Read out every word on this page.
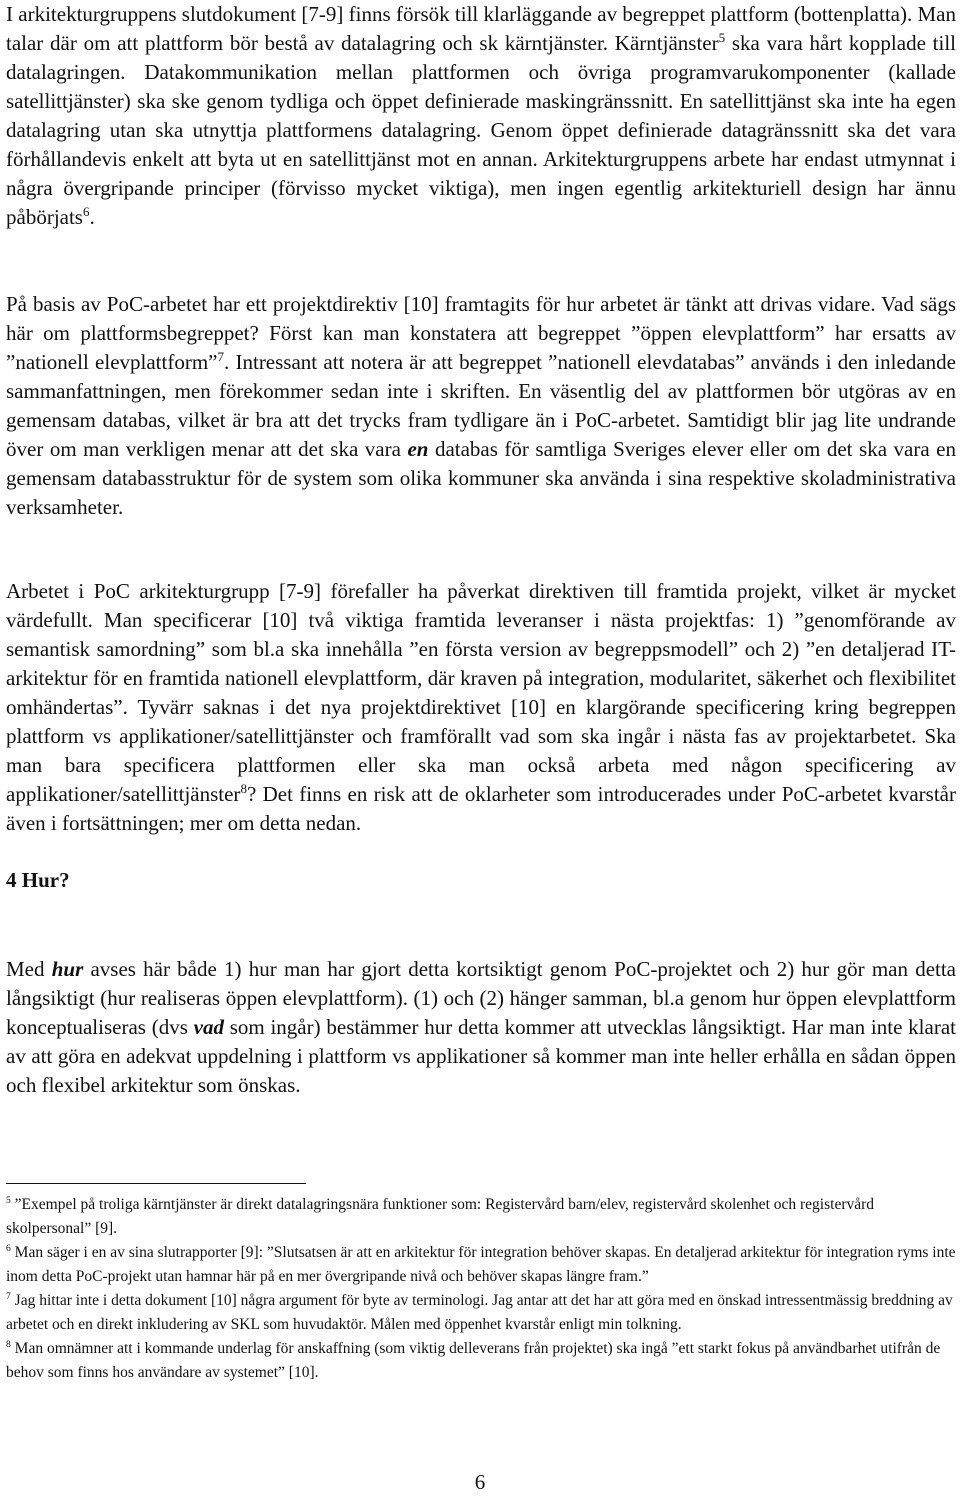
I arkitekturgruppens slutdokument [7-9] finns försök till klarläggande av begreppet plattform (bottenplatta). Man talar där om att plattform bör bestå av datalagring och sk kärntjänster. Kärntjänster$^5$ ska vara hårt kopplade till datalagringen. Datakommunikation mellan plattformen och övriga programvarukomponenter (kallade satellittjänster) ska ske genom tydliga och öppet definierade maskingränssnitt. En satellittjänst ska inte ha egen datalagring utan ska utnyttja plattformens datalagring. Genom öppet definierade datagränssnitt ska det vara förhållandevis enkelt att byta ut en satellittjänst mot en annan. Arkitekturgruppens arbete har endast utmynnat i några övergripande principer (förvisso mycket viktiga), men ingen egentlig arkitekturiell design har ännu påbörjats$^6$.

På basis av PoC-arbetet har ett projektdirektiv [10] framtagits för hur arbetet är tänkt att drivas vidare. Vad sägs här om plattformsbegreppet? Först kan man konstatera att begreppet ”öppen elevplattform” har ersatts av ”nationell elevplattform”$^7$. Intressant att notera är att begreppet ”nationell elevdatabas” används i den inledande sammanfattningen, men förekommer sedan inte i skriften. En väsentlig del av plattformen bör utgöras av en gemensam databas, vilket är bra att det trycks fram tydligare än i PoC-arbetet. Samtidigt blir jag lite undrande över om man verkligen menar att det ska vara en databas för samtliga Sveriges elever eller om det ska vara en gemensam databasstruktur för de system som olika kommuner ska använda i sina respektive skoladministrativa verksamheter.

Arbetet i PoC arkitekturgrupp [7-9] förefaller ha påverkat direktiven till framtida projekt, vilket är mycket värdefullt. Man specificerar [10] två viktiga framtida leveranser i nästa projektfas: 1) ”genomförande av semantisk samordning” som bl.a ska innehålla ”en första version av begreppsmodell” och 2) ”en detaljerad IT-arkitektur för en framtida nationell elevplattform, där kraven på integration, modularitet, säkerhet och flexibilitet omhändertas”. Tyvärr saknas i det nya projektdirektivet [10] en klargörande specificering kring begreppen plattform vs applikationer/satellittjänster och framförallt vad som ska ingår i nästa fas av projektarbetet. Ska man bara specificera plattformen eller ska man också arbeta med någon specificering av applikationer/satellittjänster$^8$? Det finns en risk att de oklarheter som introducerades under PoC-arbetet kvarstår även i fortsättningen; mer om detta nedan.

4 Hur?

Med hur avses här både 1) hur man har gjort detta kortsiktigt genom PoC-projektet och 2) hur gör man detta långsiktigt (hur realiseras öppen elevplattform). (1) och (2) hänger samman, bl.a genom hur öppen elevplattform konceptualiseras (dvs vad som ingår) bestämmer hur detta kommer att utvecklas långsiktigt. Har man inte klarat av att göra en adekvat uppdelning i plattform vs applikationer så kommer man inte heller erhålla en sådan öppen och flexibel arkitektur som önskas.

$^5$ ”Exempel på troliga kärntjänster är direkt datalagringsnära funktioner som: Registervård barn/elev, registervård skolenhet och registervård skolpersonal” [9].

$^6$ Man säger i en av sina slutrapporter [9]: ”Slutsatsen är att en arkitektur för integration behöver skapas. En detaljerad arkitektur för integration ryms inte inom detta PoC-projekt utan hamnar här på en mer övergripande nivå och behöver skapas längre fram.”

$^7$ Jag hittar inte i detta dokument [10] några argument för byte av terminologi. Jag antar att det har att göra med en önskad intressentmässig breddning av arbetet och en direkt inkludering av SKL som huvudaktör. Målen med öppenhet kvarstår enligt min tolkning.

$^8$ Man omnämner att i kommande underlag för anskaffning (som viktig delleverans från projektet) ska ingå ”ett starkt fokus på användbarhet utifrån de behov som finns hos användare av systemet” [10].

6
